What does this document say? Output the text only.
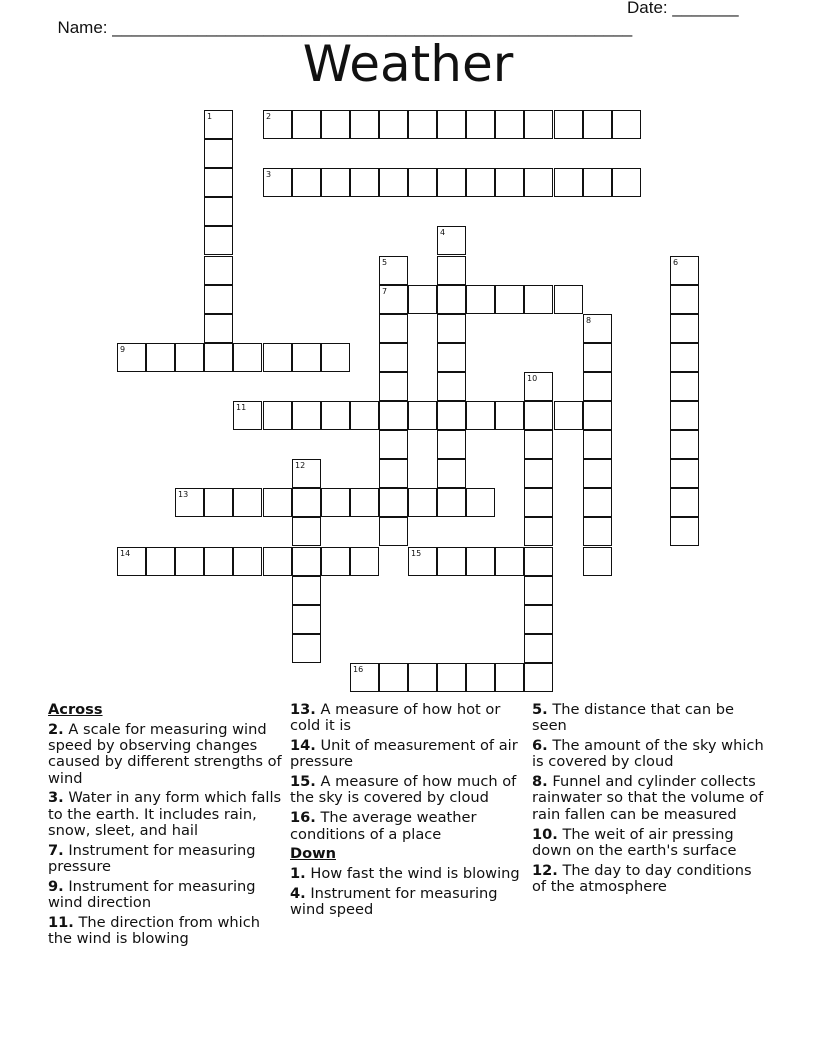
Name: _______________________________________________________

Date: _______

Weather
1	2
3
4
5
7
6
8
9
10
11
12
13
14	15
16
Across
2. A scale for measuring wind speed by observing changes caused by different strengths of wind
3. Water in any form which falls to the earth. It includes rain, snow, sleet, and hail
7. Instrument for measuring pressure
9. Instrument for measuring wind direction
11. The direction from which the wind is blowing
13. A measure of how hot or cold it is
14. Unit of measurement of air pressure
15. A measure of how much of the sky is covered by cloud
16. The average weather conditions of a place
Down
1. How fast the wind is blowing
4. Instrument for measuring wind speed
5. The distance that can be seen
6. The amount of the sky which is covered by cloud
8. Funnel and cylinder collects rainwater so that the volume of rain fallen can be measured
10. The weit of air pressing down on the earth's surface
12. The day to day conditions of the atmosphere
